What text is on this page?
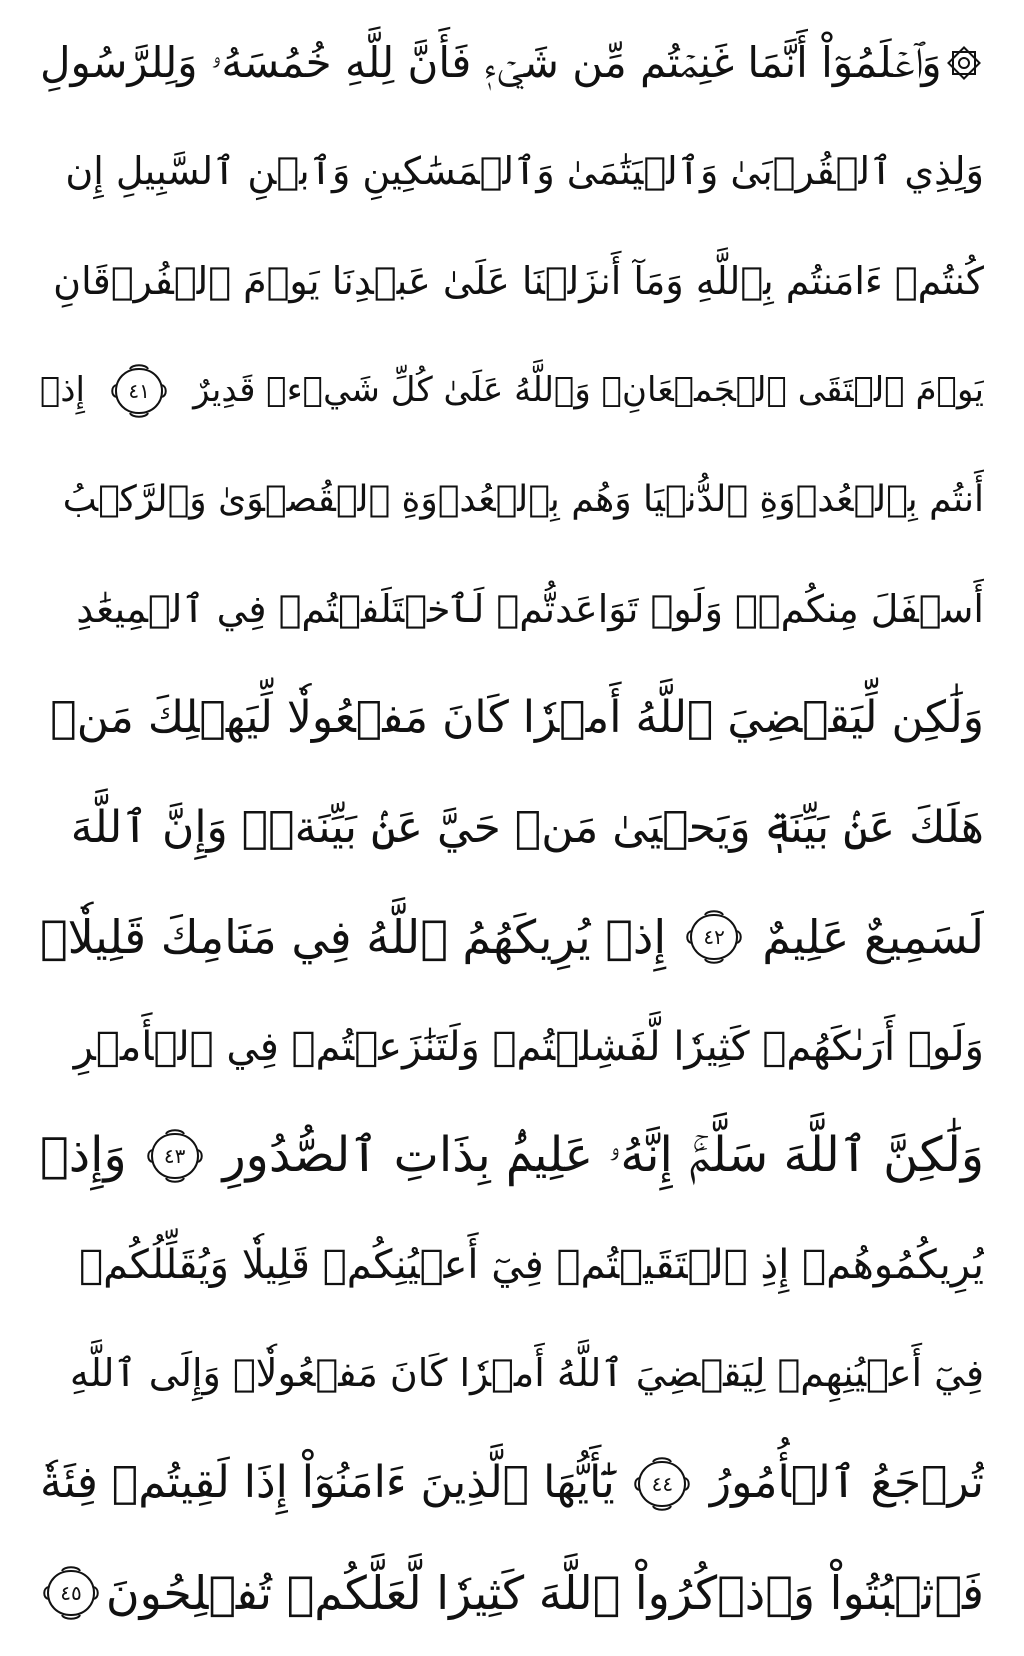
وَٱعۡلَمُوٓاْ أَنَّمَا غَنِمۡتُم مِّن شَيۡءٖ فَأَنَّ لِلَّهِ خُمُسَهُۥ وَلِلرَّسُولِ
وَلِذِي ٱلۡقُرۡبَىٰ وَٱلۡيَتَٰمَىٰ وَٱلۡمَسَٰكِينِ وَٱبۡنِ ٱلسَّبِيلِ إِن
كُنتُمۡ ءَامَنتُم بِٱللَّهِ وَمَآ أَنزَلۡنَا عَلَىٰ عَبۡدِنَا يَوۡمَ ٱلۡفُرۡقَانِ
يَوۡمَ ٱلۡتَقَى ٱلۡجَمۡعَانِۗ وَٱللَّهُ عَلَىٰ كُلِّ شَيۡءٖ قَدِيرٌ
٤١
إِذۡ
أَنتُم بِٱلۡعُدۡوَةِ ٱلدُّنۡيَا وَهُم بِٱلۡعُدۡوَةِ ٱلۡقُصۡوَىٰ وَٱلرَّكۡبُ
أَسۡفَلَ مِنكُمۡۚ وَلَوۡ تَوَاعَدتُّمۡ لَٱخۡتَلَفۡتُمۡ فِي ٱلۡمِيعَٰدِ
وَلَٰكِن لِّيَقۡضِيَ ٱللَّهُ أَمۡرٗا كَانَ مَفۡعُولٗا لِّيَهۡلِكَ مَنۡ
هَلَكَ عَنۢ بَيِّنَةٖ وَيَحۡيَىٰ مَنۡ حَيَّ عَنۢ بَيِّنَةٖۗ وَإِنَّ ٱللَّهَ
لَسَمِيعٌ عَلِيمٌ
٤٢
إِذۡ يُرِيكَهُمُ ٱللَّهُ فِي مَنَامِكَ قَلِيلٗاۖ
وَلَوۡ أَرَىٰكَهُمۡ كَثِيرٗا لَّفَشِلۡتُمۡ وَلَتَنَٰزَعۡتُمۡ فِي ٱلۡأَمۡرِ
وَلَٰكِنَّ ٱللَّهَ سَلَّمَۚ إِنَّهُۥ عَلِيمُۢ بِذَاتِ ٱلصُّدُورِ
٤٣
وَإِذۡ
يُرِيكُمُوهُمۡ إِذِ ٱلۡتَقَيۡتُمۡ فِيٓ أَعۡيُنِكُمۡ قَلِيلٗا وَيُقَلِّلُكُمۡ
فِيٓ أَعۡيُنِهِمۡ لِيَقۡضِيَ ٱللَّهُ أَمۡرٗا كَانَ مَفۡعُولٗاۗ وَإِلَى ٱللَّهِ
تُرۡجَعُ ٱلۡأُمُورُ
٤٤
يَٰٓأَيُّهَا ٱلَّذِينَ ءَامَنُوٓاْ إِذَا لَقِيتُمۡ فِئَةٗ
فَٱثۡبُتُواْ وَٱذۡكُرُواْ ٱللَّهَ كَثِيرٗا لَّعَلَّكُمۡ تُفۡلِحُونَ
٤٥
